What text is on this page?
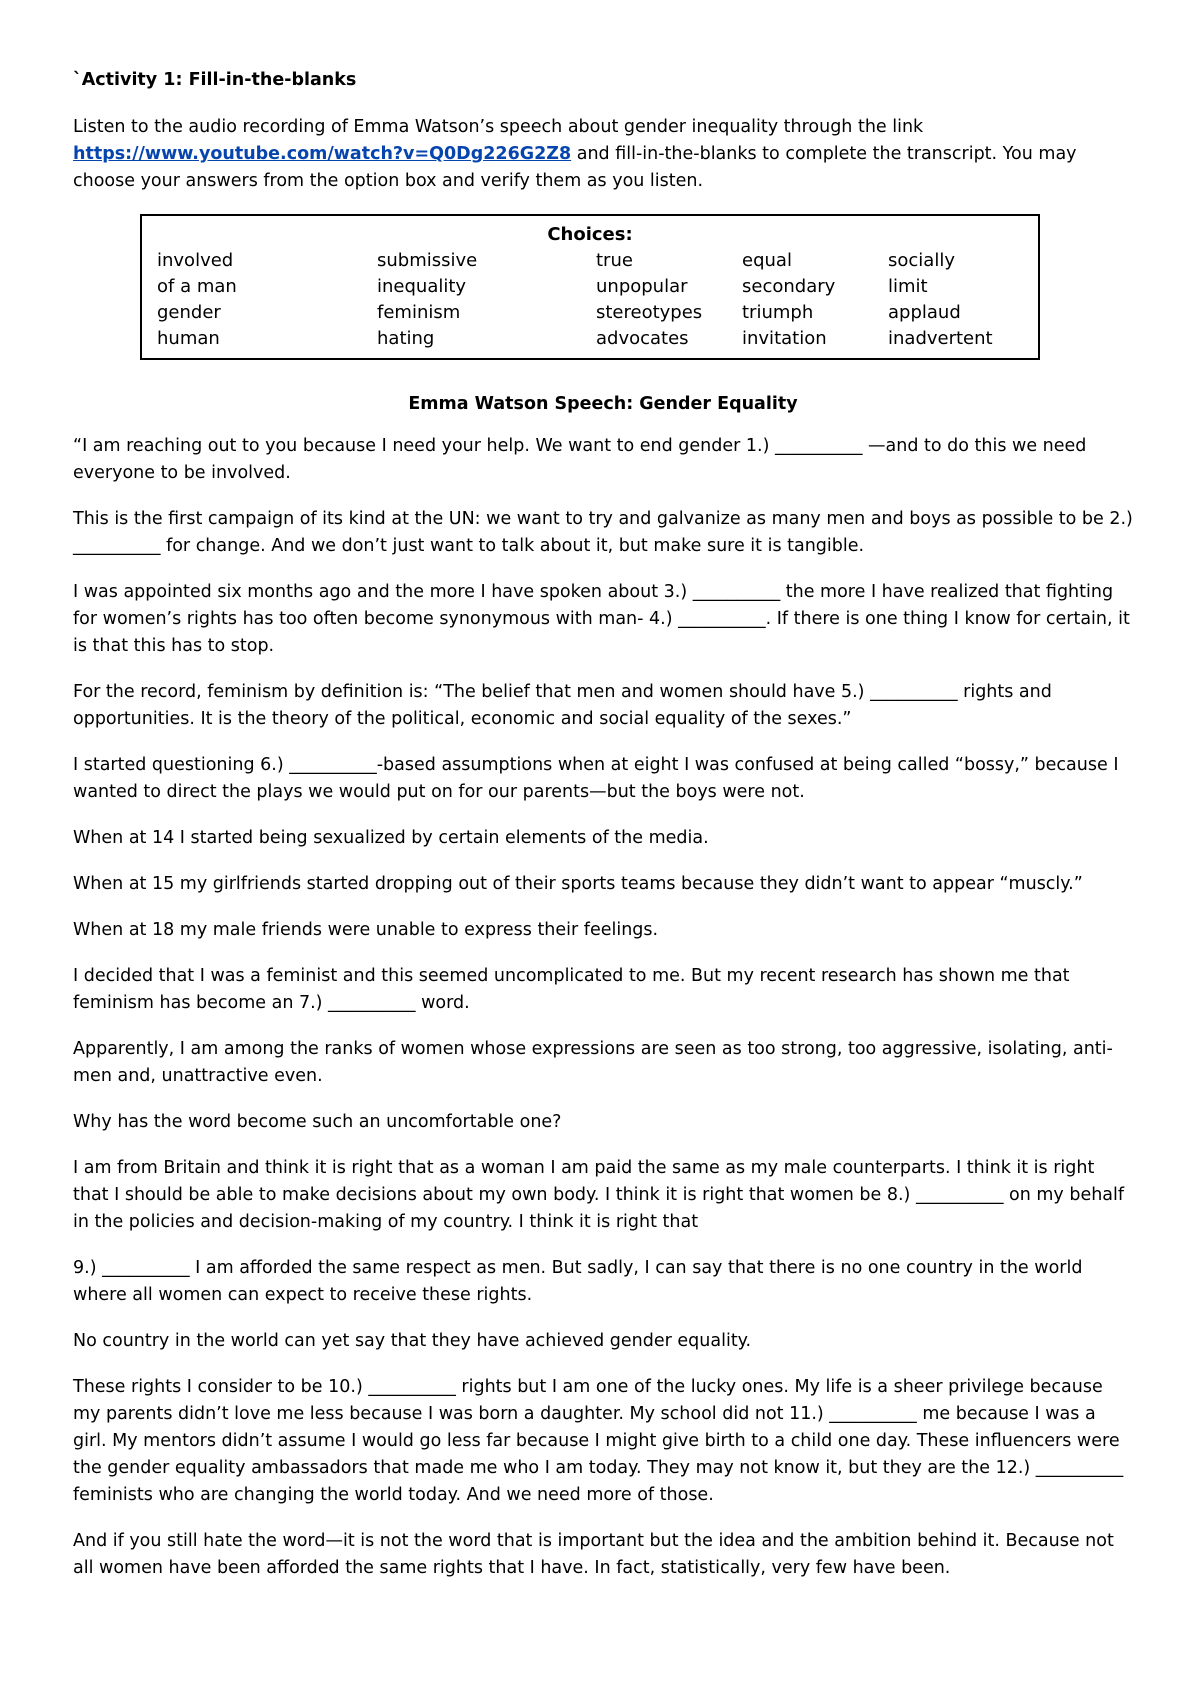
`Activity 1: Fill-in-the-blanks
Listen to the audio recording of Emma Watson’s speech about gender inequality through the link https://www.youtube.com/watch?v=Q0Dg226G2Z8 and fill-in-the-blanks to complete the transcript. You may choose your answers from the option box and verify them as you listen.
Choices:
involved	submissive	true	equal	socially
of a man	inequality	unpopular	secondary	limit
gender	feminism	stereotypes	triumph	applaud
human	hating	advocates	invitation	inadvertent
Emma Watson Speech: Gender Equality
“I am reaching out to you because I need your help. We want to end gender 1.) __________ —and to do this we need everyone to be involved.
This is the first campaign of its kind at the UN: we want to try and galvanize as many men and boys as possible to be 2.) __________ for change. And we don’t just want to talk about it, but make sure it is tangible.
I was appointed six months ago and the more I have spoken about 3.) __________ the more I have realized that fighting for women’s rights has too often become synonymous with man- 4.) __________. If there is one thing I know for certain, it is that this has to stop.
For the record, feminism by definition is: “The belief that men and women should have 5.) __________ rights and opportunities. It is the theory of the political, economic and social equality of the sexes.”
I started questioning 6.) __________-based assumptions when at eight I was confused at being called “bossy,” because I wanted to direct the plays we would put on for our parents—but the boys were not.
When at 14 I started being sexualized by certain elements of the media.
When at 15 my girlfriends started dropping out of their sports teams because they didn’t want to appear “muscly.”
When at 18 my male friends were unable to express their feelings.
I decided that I was a feminist and this seemed uncomplicated to me. But my recent research has shown me that feminism has become an 7.) __________ word.
Apparently, I am among the ranks of women whose expressions are seen as too strong, too aggressive, isolating, anti-men and, unattractive even.
Why has the word become such an uncomfortable one?
I am from Britain and think it is right that as a woman I am paid the same as my male counterparts. I think it is right that I should be able to make decisions about my own body. I think it is right that women be 8.) __________ on my behalf in the policies and decision-making of my country. I think it is right that
9.) __________ I am afforded the same respect as men. But sadly, I can say that there is no one country in the world where all women can expect to receive these rights.
No country in the world can yet say that they have achieved gender equality.
These rights I consider to be 10.) __________ rights but I am one of the lucky ones. My life is a sheer privilege because my parents didn’t love me less because I was born a daughter. My school did not 11.) __________ me because I was a girl. My mentors didn’t assume I would go less far because I might give birth to a child one day. These influencers were the gender equality ambassadors that made me who I am today. They may not know it, but they are the 12.) __________ feminists who are changing the world today. And we need more of those.
And if you still hate the word—it is not the word that is important but the idea and the ambition behind it. Because not all women have been afforded the same rights that I have. In fact, statistically, very few have been.
